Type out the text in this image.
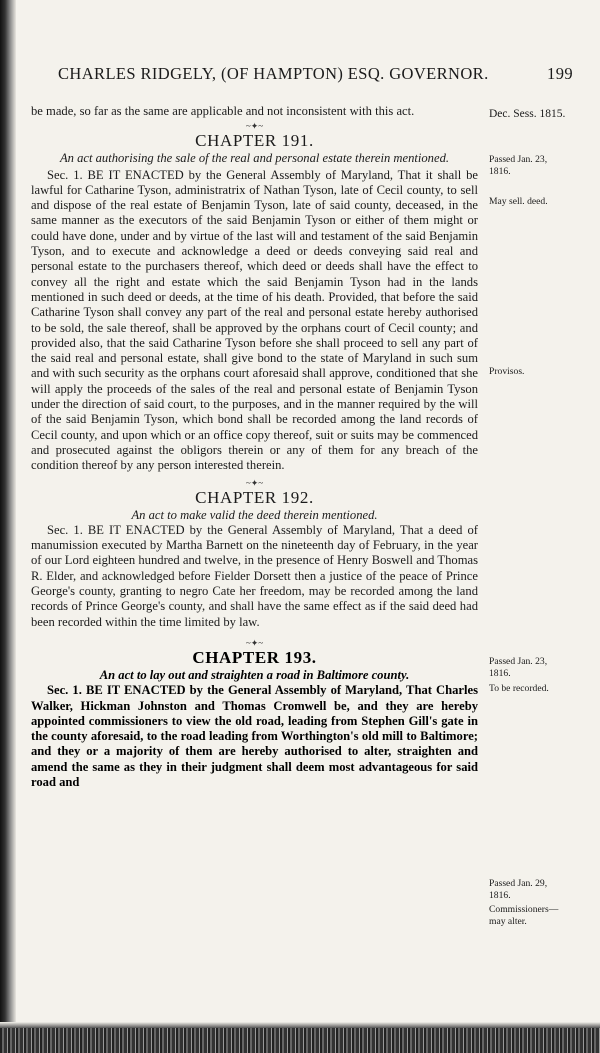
CHARLES RIDGELY, (OF HAMPTON) ESQ. GOVERNOR.	199
Dec. Sess. 1815.
Passed Jan. 23, 1816.
May sell. deed.
Provisos.
Passed Jan. 23, 1816.
To be recorded.
Passed Jan. 29, 1816.
Commissioners—may alter.

be made, so far as the same are applicable and not inconsistent with this act.

~✦~
CHAPTER 191.
An act authorising the sale of the real and personal estate therein mentioned.

Sec. 1. BE IT ENACTED by the General Assembly of Maryland, That it shall be lawful for Catharine Tyson, administratrix of Nathan Tyson, late of Cecil county, to sell and dispose of the real estate of Benjamin Tyson, late of said county, deceased, in the same manner as the executors of the said Benjamin Tyson or either of them might or could have done, under and by virtue of the last will and testament of the said Benjamin Tyson, and to execute and acknowledge a deed or deeds conveying said real and personal estate to the purchasers thereof, which deed or deeds shall have the effect to convey all the right and estate which the said Benjamin Tyson had in the lands mentioned in such deed or deeds, at the time of his death. Provided, that before the said Catharine Tyson shall convey any part of the real and personal estate hereby authorised to be sold, the sale thereof, shall be approved by the orphans court of Cecil county; and provided also, that the said Catharine Tyson before she shall proceed to sell any part of the said real and personal estate, shall give bond to the state of Maryland in such sum and with such security as the orphans court aforesaid shall approve, conditioned that she will apply the proceeds of the sales of the real and personal estate of Benjamin Tyson under the direction of said court, to the purposes, and in the manner required by the will of the said Benjamin Tyson, which bond shall be recorded among the land records of Cecil county, and upon which or an office copy thereof, suit or suits may be commenced and prosecuted against the obligors therein or any of them for any breach of the condition thereof by any person interested therein.

~✦~
CHAPTER 192.
An act to make valid the deed therein mentioned.

Sec. 1. BE IT ENACTED by the General Assembly of Maryland, That a deed of manumission executed by Martha Barnett on the nineteenth day of February, in the year of our Lord eighteen hundred and twelve, in the presence of Henry Boswell and Thomas R. Elder, and acknowledged before Fielder Dorsett then a justice of the peace of Prince George's county, granting to negro Cate her freedom, may be recorded among the land records of Prince George's county, and shall have the same effect as if the said deed had been recorded within the time limited by law.

~✦~
CHAPTER 193.
An act to lay out and straighten a road in Baltimore county.

Sec. 1. BE IT ENACTED by the General Assembly of Maryland, That Charles Walker, Hickman Johnston and Thomas Cromwell be, and they are hereby appointed commissioners to view the old road, leading from Stephen Gill's gate in the county aforesaid, to the road leading from Worthington's old mill to Baltimore; and they or a majority of them are hereby authorised to alter, straighten and amend the same as they in their judgment shall deem most advantageous for said road and
